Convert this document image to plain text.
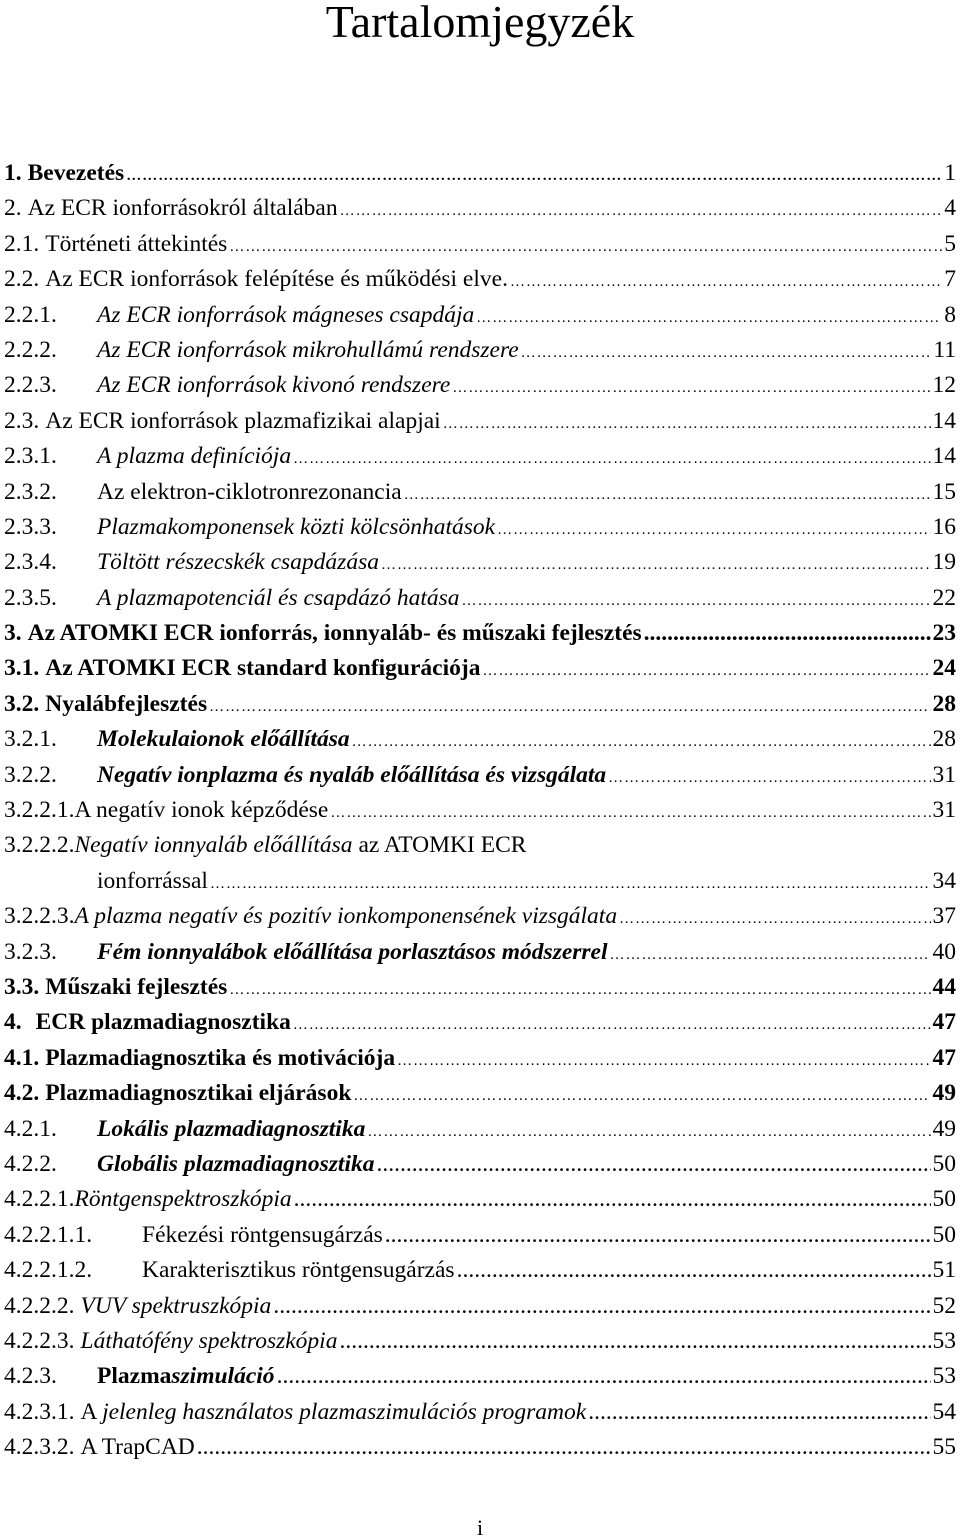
Tartalomjegyzék
1. Bevezetés ……………………………………………………………………………………………………………………………………………………………………………………	1
2. Az ECR ionforrásokról általában ……………………………………………………………………………………………………………………………………………………………………………………	4
2.1. Történeti áttekintés ……………………………………………………………………………………………………………………………………………………………………………………	5
2.2. Az ECR ionforrások felépítése és működési elve. ……………………………………………………………………………………………………………………………………………………………………………………	7
2.2.1.	Az ECR ionforrások mágneses csapdája ……………………………………………………………………………………………………………………………………………………………………………………	8
2.2.2.	Az ECR ionforrások mikrohullámú rendszere ……………………………………………………………………………………………………………………………………………………………………………………	11
2.2.3.	Az ECR ionforrások kivonó rendszere ……………………………………………………………………………………………………………………………………………………………………………………	12
2.3. Az ECR ionforrások plazmafizikai alapjai ……………………………………………………………………………………………………………………………………………………………………………………	14
2.3.1.	A plazma definíciója ……………………………………………………………………………………………………………………………………………………………………………………	14
2.3.2.	Az elektron-ciklotronrezonancia ……………………………………………………………………………………………………………………………………………………………………………………	15
2.3.3.	Plazmakomponensek közti kölcsönhatások ……………………………………………………………………………………………………………………………………………………………………………………	16
2.3.4.	Töltött részecskék csapdázása ……………………………………………………………………………………………………………………………………………………………………………………	19
2.3.5.	A plazmapotenciál és csapdázó hatása ……………………………………………………………………………………………………………………………………………………………………………………	22
3. Az ATOMKI ECR ionforrás, ionnyaláb- és műszaki fejlesztés .....	23
3.1. Az ATOMKI ECR standard konfigurációja ……………………………………………………………………………………………………………………………………………………………………………………	24
3.2. Nyalábfejlesztés ……………………………………………………………………………………………………………………………………………………………………………………	28
3.2.1.	Molekulaionok előállítása ……………………………………………………………………………………………………………………………………………………………………………………	28
3.2.2.	Negatív ionplazma és nyaláb előállítása és vizsgálata ……………………………………………………………………………………………………………………………………………………………………………………	31
3.2.2.1. A negatív ionok képződése ……………………………………………………………………………………………………………………………………………………………………………………	31
3.2.2.2.Negatív ionnyaláb előállítása az ATOMKI ECR
ionforrással ……………………………………………………………………………………………………………………………………………………………………………………	34
3.2.2.3. A plazma negatív és pozitív ionkomponensének vizsgálata ……………………………………………………………………………………………………………………………………………………………………………………	37
3.2.3.	Fém ionnyalábok előállítása porlasztásos módszerrel ……………………………………………………………………………………………………………………………………………………………………………………	40
3.3. Műszaki fejlesztés ……………………………………………………………………………………………………………………………………………………………………………………	44
4. ECR plazmadiagnosztika ……………………………………………………………………………………………………………………………………………………………………………………	47
4.1. Plazmadiagnosztika és motivációja ……………………………………………………………………………………………………………………………………………………………………………………	47
4.2. Plazmadiagnosztikai eljárások ……………………………………………………………………………………………………………………………………………………………………………………	49
4.2.1.	Lokális plazmadiagnosztika ……………………………………………………………………………………………………………………………………………………………………………………	49
4.2.2.	Globális plazmadiagnosztika .....	50
4.2.2.1. Röntgenspektroszkópia .....	50
4.2.2.1.1.	Fékezési röntgensugárzás .....	50
4.2.2.1.2.	Karakterisztikus röntgensugárzás .....	51
4.2.2.2. VUV spektruszkópia .....	52
4.2.2.3. Láthatófény spektroszkópia .....	53
4.2.3.	Plazmaszimuláció .....	53
4.2.3.1. A jelenleg használatos plazmaszimulációs programok .....	54
4.2.3.2. A TrapCAD .....	55
i
